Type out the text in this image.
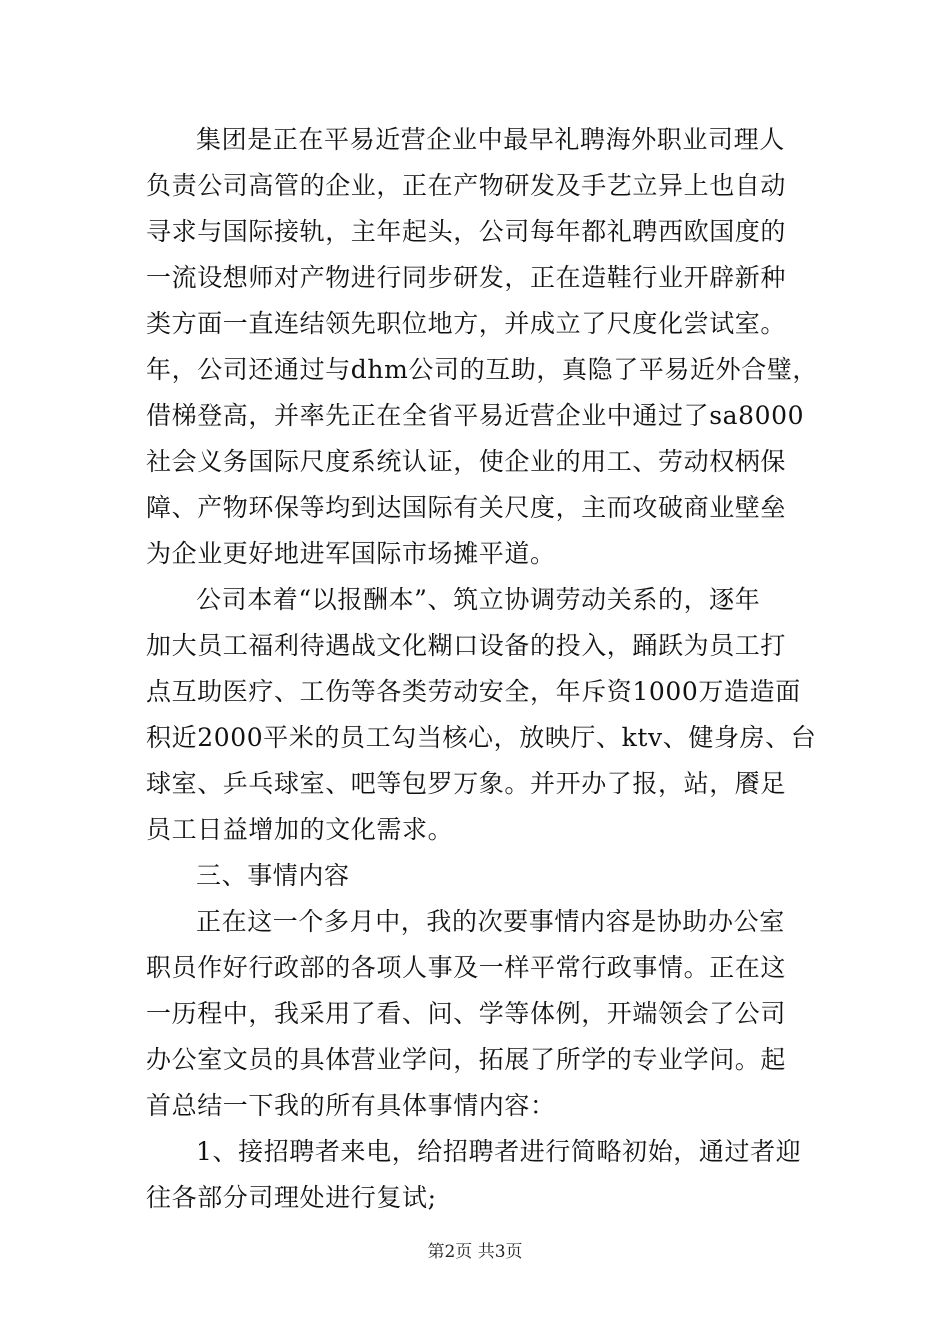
集团是正在平易近营企业中最早礼聘海外职业司理人
负责公司高管的企业，正在产物研发及手艺立异上也自动
寻求与国际接轨，主年起头，公司每年都礼聘西欧国度的
一流设想师对产物进行同步研发，正在造鞋行业开辟新种
类方面一直连结领先职位地方，并成立了尺度化尝试室。
年，公司还通过与dhm公司的互助，真隐了平易近外合璧，
借梯登高，并率先正在全省平易近营企业中通过了sa8000
社会义务国际尺度系统认证，使企业的用工、劳动权柄保
障、产物环保等均到达国际有关尺度，主而攻破商业壁垒
为企业更好地进军国际市场摊平道。
公司本着“以报酬本”、筑立协调劳动关系的，逐年
加大员工福利待遇战文化糊口设备的投入，踊跃为员工打
点互助医疗、工伤等各类劳动安全，年斥资1000万造造面
积近2000平米的员工勾当核心，放映厅、ktv、健身房、台
球室、乒乓球室、吧等包罗万象。并开办了报，站，餍足
员工日益增加的文化需求。
三、事情内容
正在这一个多月中，我的次要事情内容是协助办公室
职员作好行政部的各项人事及一样平常行政事情。正在这
一历程中，我采用了看、问、学等体例，开端领会了公司
办公室文员的具体营业学问，拓展了所学的专业学问。起
首总结一下我的所有具体事情内容：
1、接招聘者来电，给招聘者进行简略初始，通过者迎
往各部分司理处进行复试;
第2页 共3页
